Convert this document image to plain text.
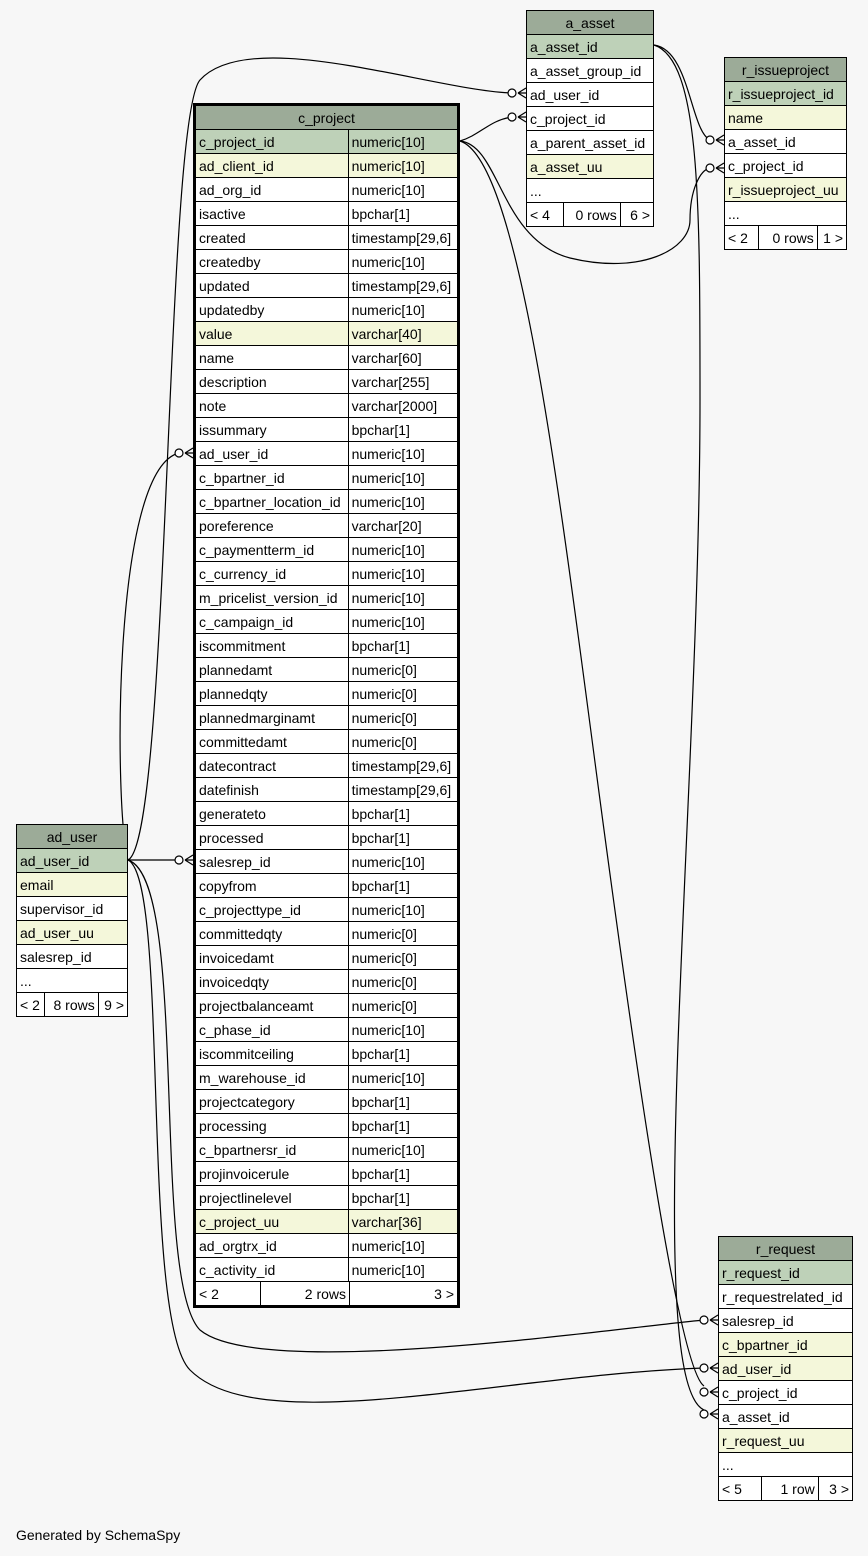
c_project
c_project_id	numeric[10]
ad_client_id	numeric[10]
ad_org_id	numeric[10]
isactive	bpchar[1]
created	timestamp[29,6]
createdby	numeric[10]
updated	timestamp[29,6]
updatedby	numeric[10]
value	varchar[40]
name	varchar[60]
description	varchar[255]
note	varchar[2000]
issummary	bpchar[1]
ad_user_id	numeric[10]
c_bpartner_id	numeric[10]
c_bpartner_location_id	numeric[10]
poreference	varchar[20]
c_paymentterm_id	numeric[10]
c_currency_id	numeric[10]
m_pricelist_version_id	numeric[10]
c_campaign_id	numeric[10]
iscommitment	bpchar[1]
plannedamt	numeric[0]
plannedqty	numeric[0]
plannedmarginamt	numeric[0]
committedamt	numeric[0]
datecontract	timestamp[29,6]
datefinish	timestamp[29,6]
generateto	bpchar[1]
processed	bpchar[1]
salesrep_id	numeric[10]
copyfrom	bpchar[1]
c_projecttype_id	numeric[10]
committedqty	numeric[0]
invoicedamt	numeric[0]
invoicedqty	numeric[0]
projectbalanceamt	numeric[0]
c_phase_id	numeric[10]
iscommitceiling	bpchar[1]
m_warehouse_id	numeric[10]
projectcategory	bpchar[1]
processing	bpchar[1]
c_bpartnersr_id	numeric[10]
projinvoicerule	bpchar[1]
projectlinelevel	bpchar[1]
c_project_uu	varchar[36]
ad_orgtrx_id	numeric[10]
c_activity_id	numeric[10]

< 2	2 rows	3 >
a_asset
a_asset_id
a_asset_group_id
ad_user_id
c_project_id
a_parent_asset_id
a_asset_uu
...
< 4	0 rows	6 >
r_issueproject
r_issueproject_id
name
a_asset_id
c_project_id
r_issueproject_uu
...
< 2	0 rows	1 >
ad_user
ad_user_id
email
supervisor_id
ad_user_uu
salesrep_id
...
< 2	8 rows	9 >
r_request
r_request_id
r_requestrelated_id
salesrep_id
c_bpartner_id
ad_user_id
c_project_id
a_asset_id
r_request_uu
...
< 5	1 row	3 >
Generated by SchemaSpy
